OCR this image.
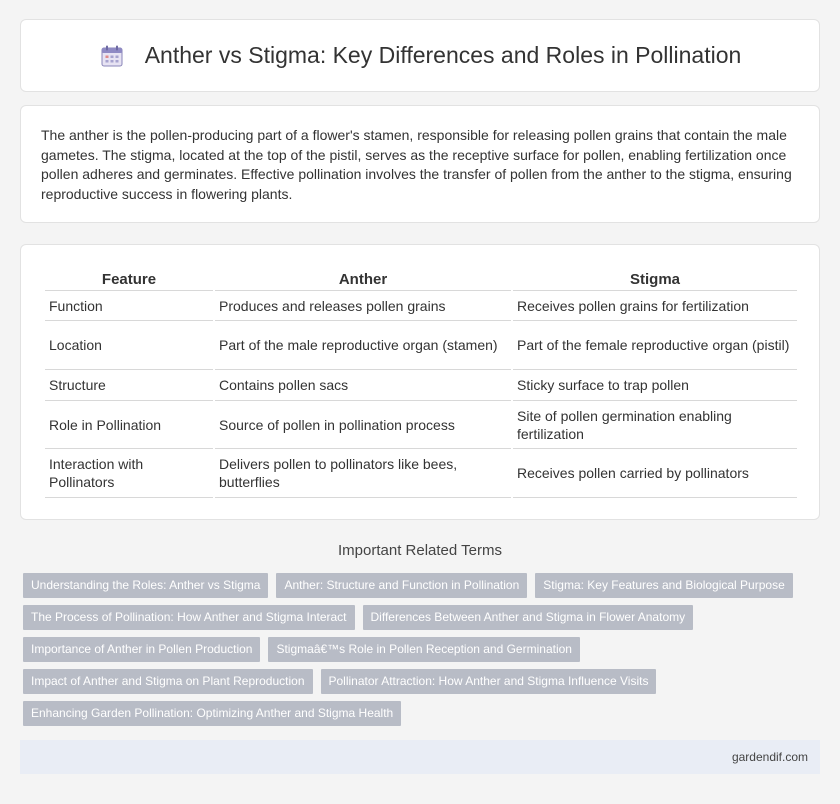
Anther vs Stigma: Key Differences and Roles in Pollination

The anther is the pollen-producing part of a flower's stamen, responsible for releasing pollen grains that contain the male gametes. The stigma, located at the top of the pistil, serves as the receptive surface for pollen, enabling fertilization once pollen adheres and germinates. Effective pollination involves the transfer of pollen from the anther to the stigma, ensuring reproductive success in flowering plants.

Feature	Anther	Stigma
Function	Produces and releases pollen grains	Receives pollen grains for fertilization
Location	Part of the male reproductive organ (stamen)	Part of the female reproductive organ (pistil)
Structure	Contains pollen sacs	Sticky surface to trap pollen
Role in Pollination	Source of pollen in pollination process	Site of pollen germination enabling fertilization
Interaction with Pollinators	Delivers pollen to pollinators like bees, butterflies	Receives pollen carried by pollinators
Important Related Terms
Understanding the Roles: Anther vs Stigma	Anther: Structure and Function in Pollination	Stigma: Key Features and Biological Purpose
The Process of Pollination: How Anther and Stigma Interact	Differences Between Anther and Stigma in Flower Anatomy
Importance of Anther in Pollen Production	Stigmaâ€™s Role in Pollen Reception and Germination
Impact of Anther and Stigma on Plant Reproduction	Pollinator Attraction: How Anther and Stigma Influence Visits
Enhancing Garden Pollination: Optimizing Anther and Stigma Health
gardendif.com
